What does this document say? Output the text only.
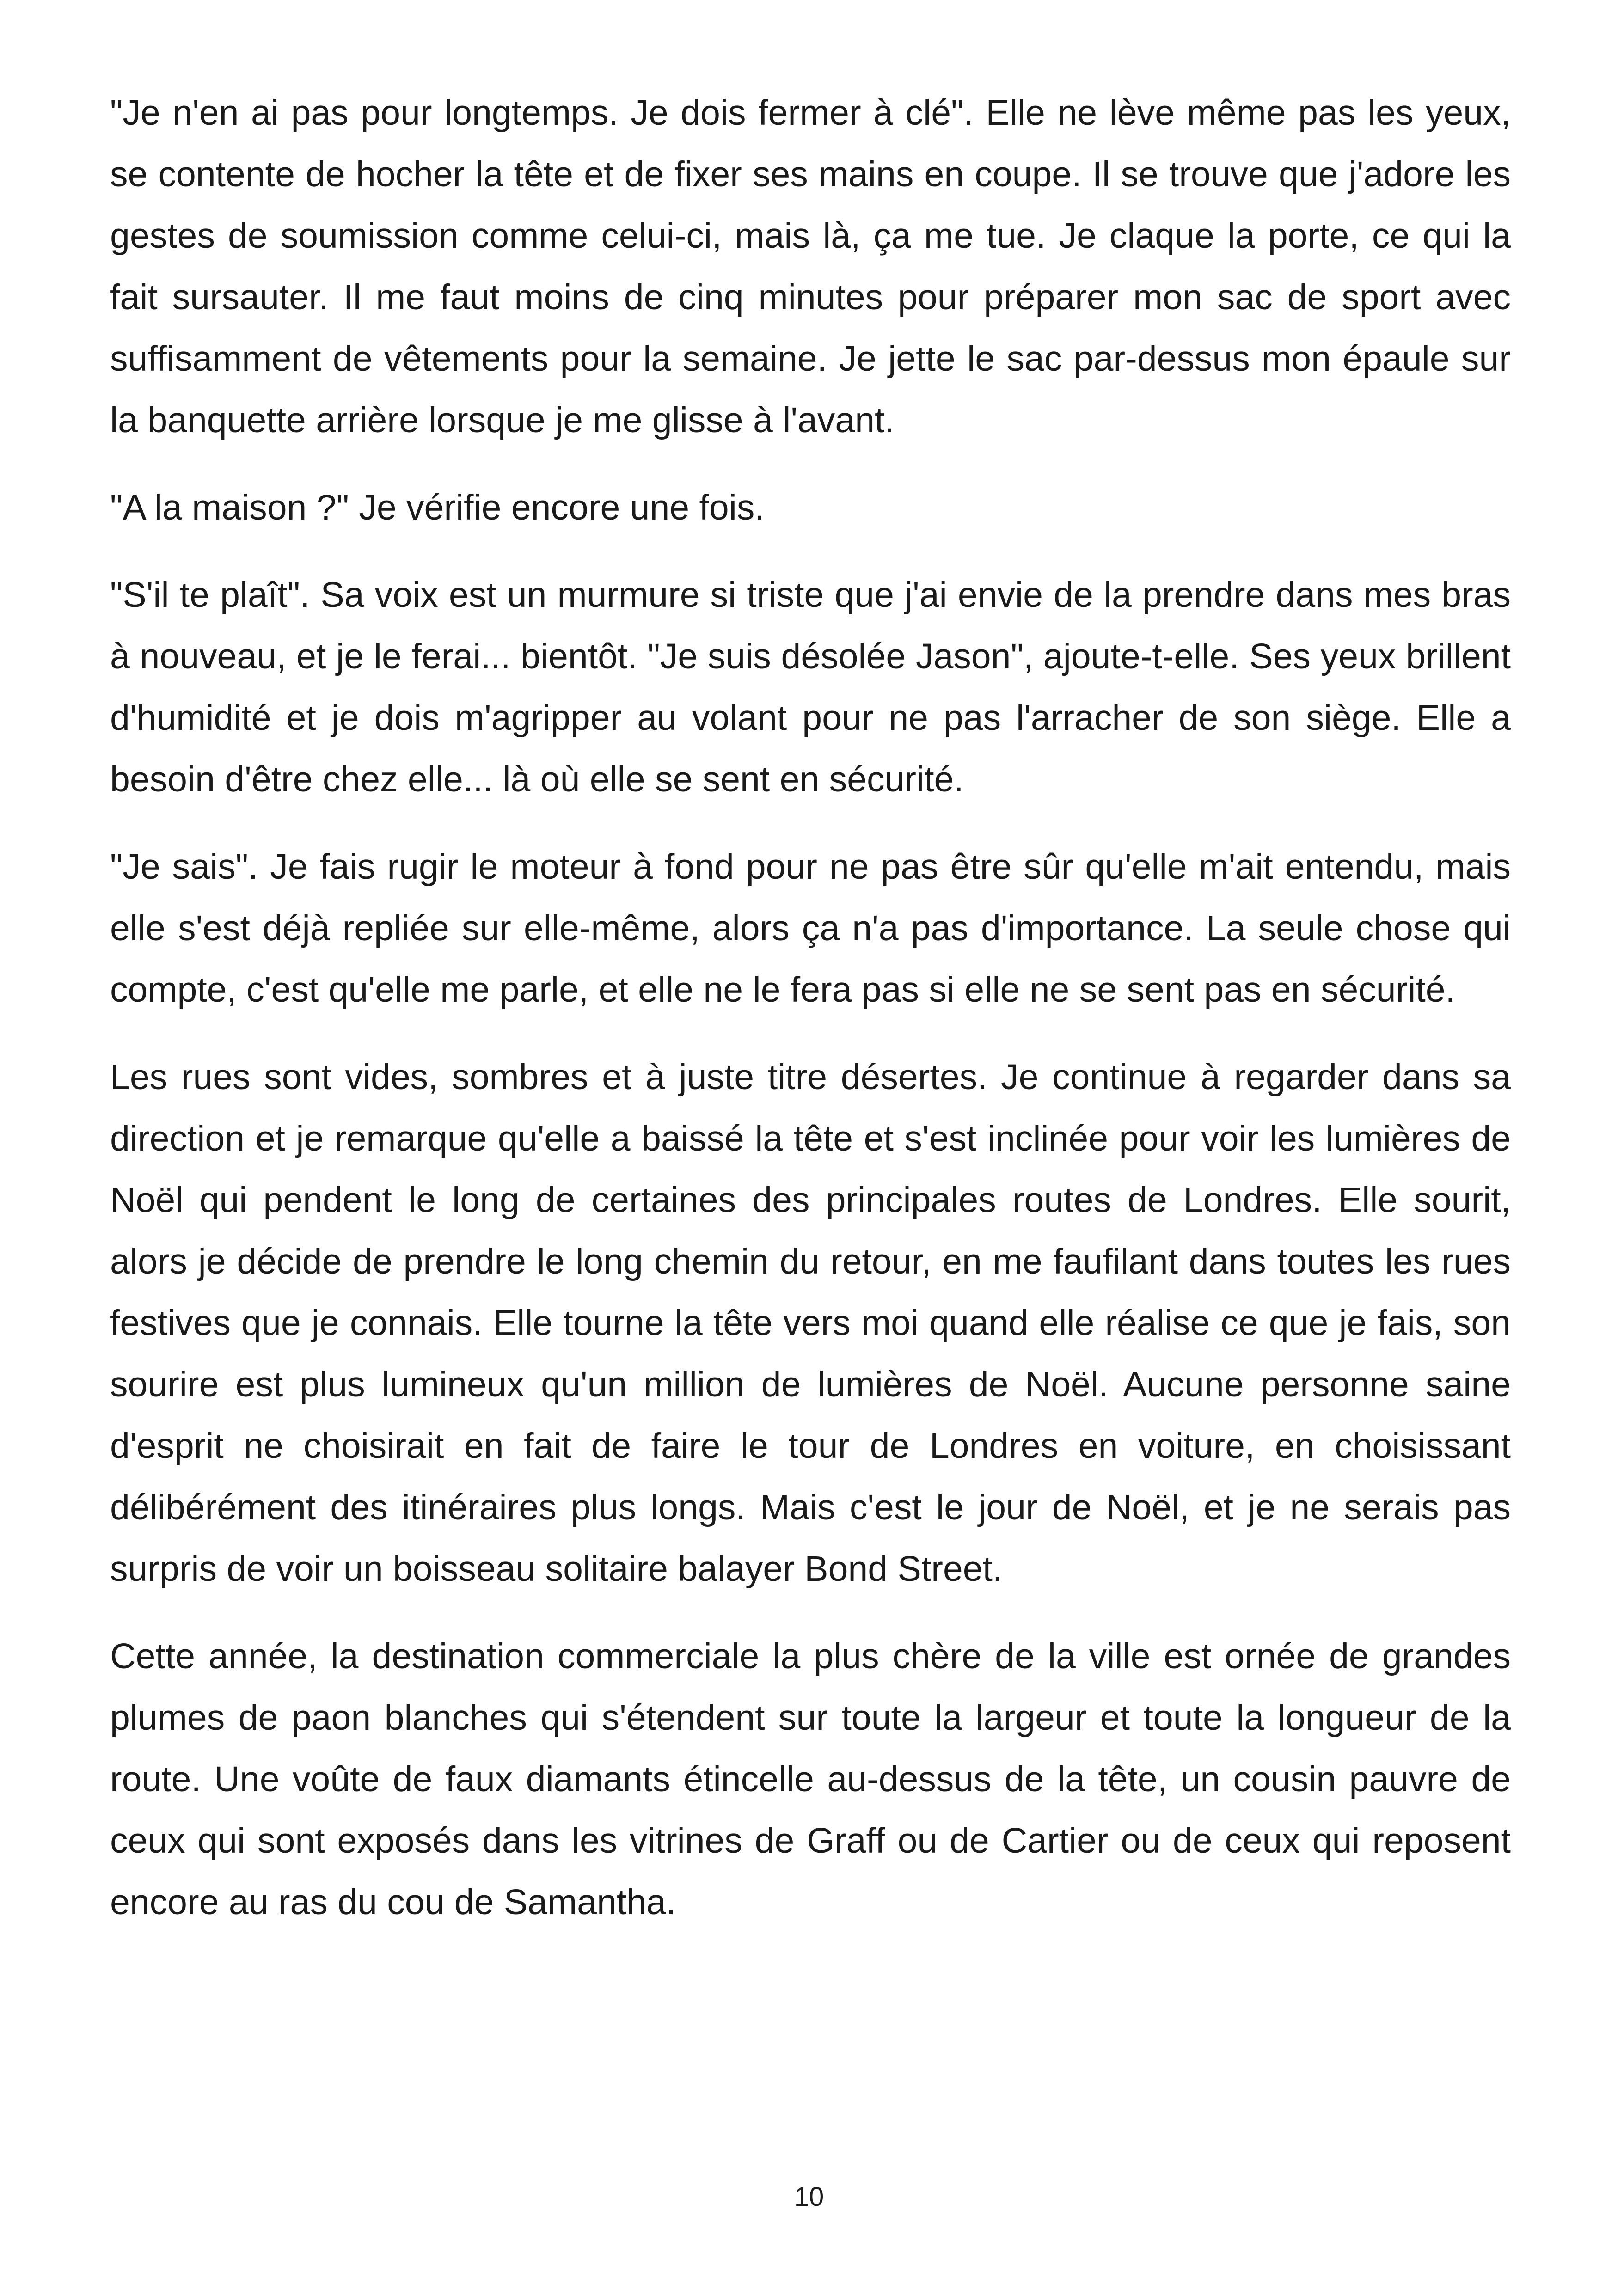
"Je n'en ai pas pour longtemps. Je dois fermer à clé". Elle ne lève même pas les yeux, se contente de hocher la tête et de fixer ses mains en coupe. Il se trouve que j'adore les gestes de soumission comme celui-ci, mais là, ça me tue. Je claque la porte, ce qui la fait sursauter. Il me faut moins de cinq minutes pour préparer mon sac de sport avec suffisamment de vêtements pour la semaine. Je jette le sac par-dessus mon épaule sur la banquette arrière lorsque je me glisse à l'avant.

"A la maison ?" Je vérifie encore une fois.

"S'il te plaît". Sa voix est un murmure si triste que j'ai envie de la prendre dans mes bras à nouveau, et je le ferai... bientôt. "Je suis désolée Jason", ajoute-t-elle. Ses yeux brillent d'humidité et je dois m'agripper au volant pour ne pas l'arracher de son siège. Elle a besoin d'être chez elle... là où elle se sent en sécurité.

"Je sais". Je fais rugir le moteur à fond pour ne pas être sûr qu'elle m'ait entendu, mais elle s'est déjà repliée sur elle-même, alors ça n'a pas d'importance. La seule chose qui compte, c'est qu'elle me parle, et elle ne le fera pas si elle ne se sent pas en sécurité.

Les rues sont vides, sombres et à juste titre désertes. Je continue à regarder dans sa direction et je remarque qu'elle a baissé la tête et s'est inclinée pour voir les lumières de Noël qui pendent le long de certaines des principales routes de Londres. Elle sourit, alors je décide de prendre le long chemin du retour, en me faufilant dans toutes les rues festives que je connais. Elle tourne la tête vers moi quand elle réalise ce que je fais, son sourire est plus lumineux qu'un million de lumières de Noël. Aucune personne saine d'esprit ne choisirait en fait de faire le tour de Londres en voiture, en choisissant délibérément des itinéraires plus longs. Mais c'est le jour de Noël, et je ne serais pas surpris de voir un boisseau solitaire balayer Bond Street.

Cette année, la destination commerciale la plus chère de la ville est ornée de grandes plumes de paon blanches qui s'étendent sur toute la largeur et toute la longueur de la route. Une voûte de faux diamants étincelle au-dessus de la tête, un cousin pauvre de ceux qui sont exposés dans les vitrines de Graff ou de Cartier ou de ceux qui reposent encore au ras du cou de Samantha.

10
